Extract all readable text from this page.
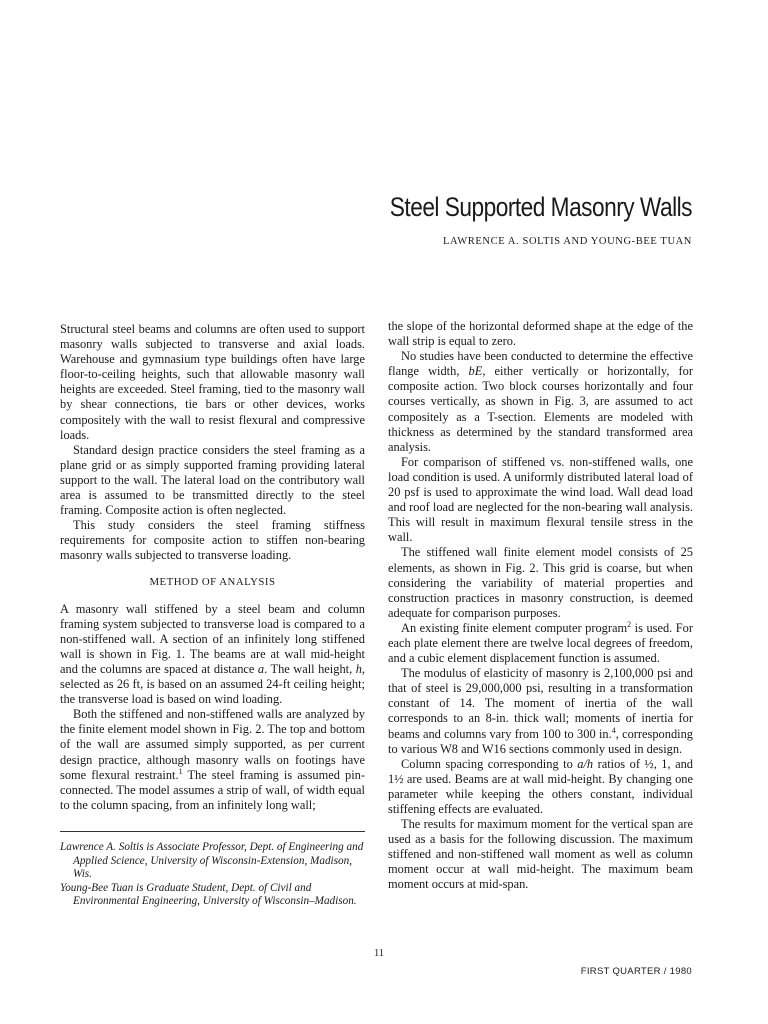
Steel Supported Masonry Walls
LAWRENCE A. SOLTIS AND YOUNG-BEE TUAN

Structural steel beams and columns are often used to support masonry walls subjected to transverse and axial loads. Warehouse and gymnasium type buildings often have large floor-to-ceiling heights, such that allowable masonry wall heights are exceeded. Steel framing, tied to the masonry wall by shear connections, tie bars or other devices, works compositely with the wall to resist flexural and compressive loads.

Standard design practice considers the steel framing as a plane grid or as simply supported framing providing lateral support to the wall. The lateral load on the contributory wall area is assumed to be transmitted directly to the steel framing. Composite action is often neglected.

This study considers the steel framing stiffness requirements for composite action to stiffen non-bearing masonry walls subjected to transverse loading.

METHOD OF ANALYSIS

A masonry wall stiffened by a steel beam and column framing system subjected to transverse load is compared to a non-stiffened wall. A section of an infinitely long stiffened wall is shown in Fig. 1. The beams are at wall mid-height and the columns are spaced at distance a. The wall height, h, selected as 26 ft, is based on an assumed 24-ft ceiling height; the transverse load is based on wind loading.

Both the stiffened and non-stiffened walls are analyzed by the finite element model shown in Fig. 2. The top and bottom of the wall are assumed simply supported, as per current design practice, although masonry walls on footings have some flexural restraint.$^1$ The steel framing is assumed pin-connected. The model assumes a strip of wall, of width equal to the column spacing, from an infinitely long wall;

Lawrence A. Soltis is Associate Professor, Dept. of Engineering and Applied Science, University of Wisconsin-Extension, Madison, Wis.

Young-Bee Tuan is Graduate Student, Dept. of Civil and Environmental Engineering, University of Wisconsin–Madison.

the slope of the horizontal deformed shape at the edge of the wall strip is equal to zero.

No studies have been conducted to determine the effective flange width, bE, either vertically or horizontally, for composite action. Two block courses horizontally and four courses vertically, as shown in Fig. 3, are assumed to act compositely as a T-section. Elements are modeled with thickness as determined by the standard transformed area analysis.

For comparison of stiffened vs. non-stiffened walls, one load condition is used. A uniformly distributed lateral load of 20 psf is used to approximate the wind load. Wall dead load and roof load are neglected for the non-bearing wall analysis. This will result in maximum flexural tensile stress in the wall.

The stiffened wall finite element model consists of 25 elements, as shown in Fig. 2. This grid is coarse, but when considering the variability of material properties and construction practices in masonry construction, is deemed adequate for comparison purposes.

An existing finite element computer program$^2$ is used. For each plate element there are twelve local degrees of freedom, and a cubic element displacement function is assumed.

The modulus of elasticity of masonry is 2,100,000 psi and that of steel is 29,000,000 psi, resulting in a transformation constant of 14. The moment of inertia of the wall corresponds to an 8-in. thick wall; moments of inertia for beams and columns vary from 100 to 300 in.$^4$, corresponding to various W8 and W16 sections commonly used in design.

Column spacing corresponding to a/h ratios of ½, 1, and 1½ are used. Beams are at wall mid-height. By changing one parameter while keeping the others constant, individual stiffening effects are evaluated.

The results for maximum moment for the vertical span are used as a basis for the following discussion. The maximum stiffened and non-stiffened wall moment as well as column moment occur at wall mid-height. The maximum beam moment occurs at mid-span.

11
FIRST QUARTER / 1980
